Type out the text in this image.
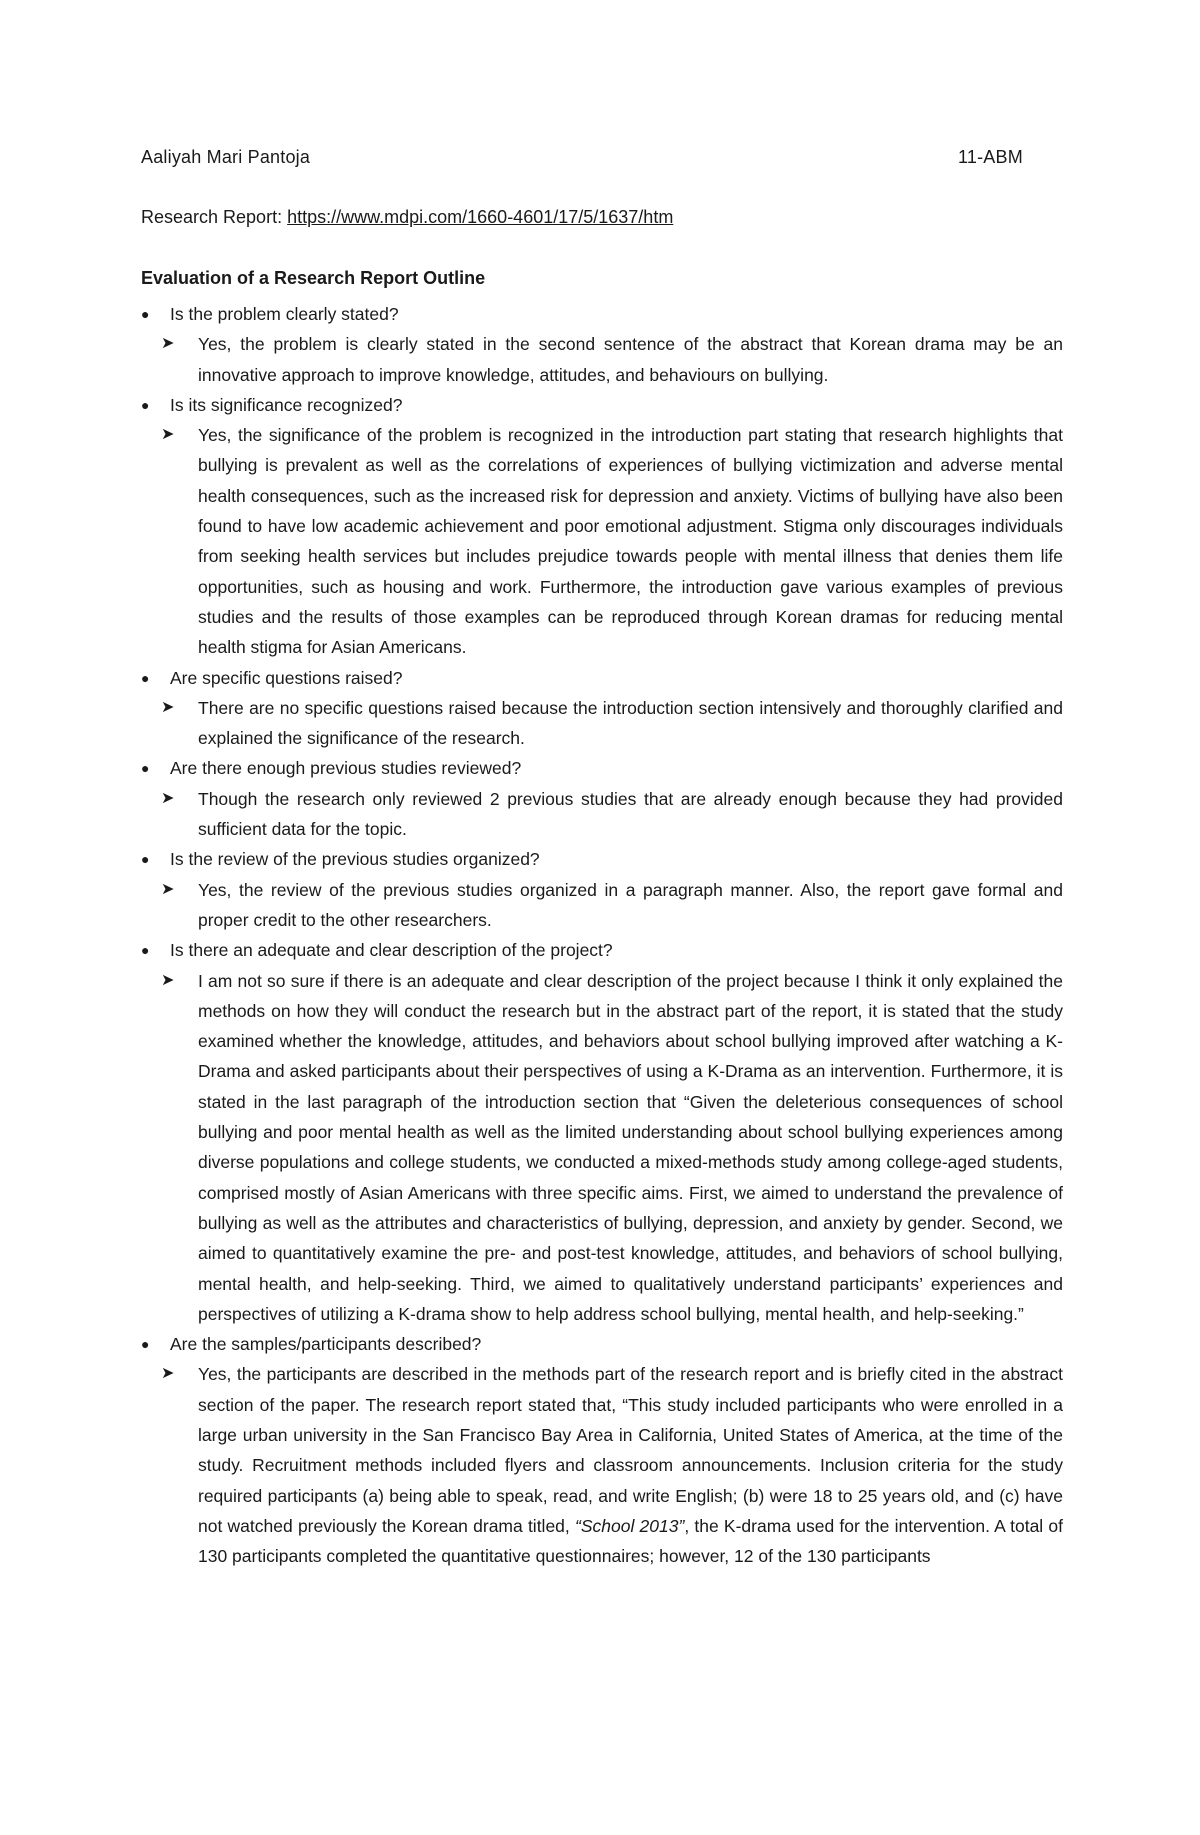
Aaliyah Mari Pantoja	11-ABM
Research Report: https://www.mdpi.com/1660-4601/17/5/1637/htm
Evaluation of a Research Report Outline
● Is the problem clearly stated?
➤ Yes, the problem is clearly stated in the second sentence of the abstract that Korean drama may be an innovative approach to improve knowledge, attitudes, and behaviours on bullying.
● Is its significance recognized?
➤ Yes, the significance of the problem is recognized in the introduction part stating that research highlights that bullying is prevalent as well as the correlations of experiences of bullying victimization and adverse mental health consequences, such as the increased risk for depression and anxiety. Victims of bullying have also been found to have low academic achievement and poor emotional adjustment. Stigma only discourages individuals from seeking health services but includes prejudice towards people with mental illness that denies them life opportunities, such as housing and work. Furthermore, the introduction gave various examples of previous studies and the results of those examples can be reproduced through Korean dramas for reducing mental health stigma for Asian Americans.
● Are specific questions raised?
➤ There are no specific questions raised because the introduction section intensively and thoroughly clarified and explained the significance of the research.
● Are there enough previous studies reviewed?
➤ Though the research only reviewed 2 previous studies that are already enough because they had provided sufficient data for the topic.
● Is the review of the previous studies organized?
➤ Yes, the review of the previous studies organized in a paragraph manner. Also, the report gave formal and proper credit to the other researchers.
● Is there an adequate and clear description of the project?
➤ I am not so sure if there is an adequate and clear description of the project because I think it only explained the methods on how they will conduct the research but in the abstract part of the report, it is stated that the study examined whether the knowledge, attitudes, and behaviors about school bullying improved after watching a K-Drama and asked participants about their perspectives of using a K-Drama as an intervention. Furthermore, it is stated in the last paragraph of the introduction section that “Given the deleterious consequences of school bullying and poor mental health as well as the limited understanding about school bullying experiences among diverse populations and college students, we conducted a mixed-methods study among college-aged students, comprised mostly of Asian Americans with three specific aims. First, we aimed to understand the prevalence of bullying as well as the attributes and characteristics of bullying, depression, and anxiety by gender. Second, we aimed to quantitatively examine the pre- and post-test knowledge, attitudes, and behaviors of school bullying, mental health, and help-seeking. Third, we aimed to qualitatively understand participants’ experiences and perspectives of utilizing a K-drama show to help address school bullying, mental health, and help-seeking.”
● Are the samples/participants described?
➤ Yes, the participants are described in the methods part of the research report and is briefly cited in the abstract section of the paper. The research report stated that, “This study included participants who were enrolled in a large urban university in the San Francisco Bay Area in California, United States of America, at the time of the study. Recruitment methods included flyers and classroom announcements. Inclusion criteria for the study required participants (a) being able to speak, read, and write English; (b) were 18 to 25 years old, and (c) have not watched previously the Korean drama titled, “School 2013”, the K-drama used for the intervention. A total of 130 participants completed the quantitative questionnaires; however, 12 of the 130 participants
